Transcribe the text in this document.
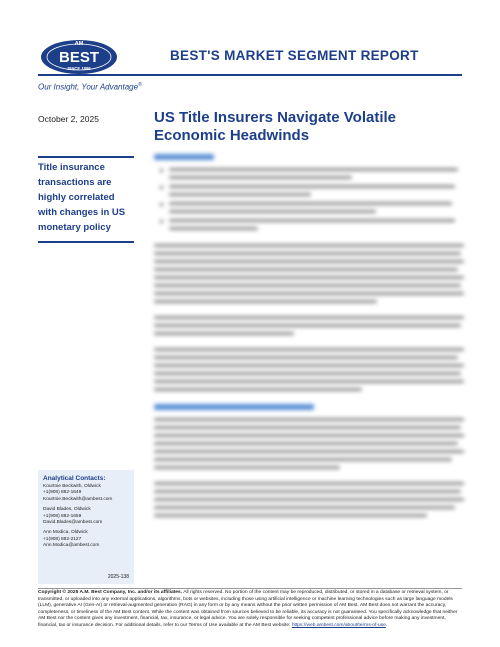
AM
BEST
SINCE 1899
BEST'S MARKET SEGMENT REPORT
Our Insight, Your Advantage®
October 2, 2025	US Title Insurers Navigate Volatile Economic Headwinds
Title insurance transactions are highly correlated with changes in US monetary policy
Analytical Contacts:
Kourtnie Beckwith, Oldwick
+1(908) 882-1649
Kourtnie.Beckwith@ambest.com
David Blades, Oldwick
+1(908) 882-1659
David.Blades@ambest.com
Ann Modica, Oldwick
+1(908) 882-2127
Ann.Modica@ambest.com
2025-138
Copyright © 2025 A.M. Best Company, Inc. and/or its affiliates. All rights reserved. No portion of the content may be reproduced, distributed, or stored in a database or retrieval system, or transmitted, or uploaded into any external applications, algorithms, bots or websites, including those using artificial intelligence or machine learning technologies such as large language models (LLM), generative AI (Gen-AI) or retrieval-augmented generation (RAG) in any form or by any means without the prior written permission of AM Best. AM Best does not warrant the accuracy, completeness, or timeliness of the AM Best content. While the content was obtained from sources believed to be reliable, its accuracy is not guaranteed. You specifically acknowledge that neither AM Best nor the content gives any investment, financial, tax, insurance, or legal advice. You are solely responsible for seeking competent professional advice before making any investment, financial, tax or insurance decision. For additional details, refer to our Terms of Use available at the AM Best website: https://web.ambest.com/about/terms-of-use.
